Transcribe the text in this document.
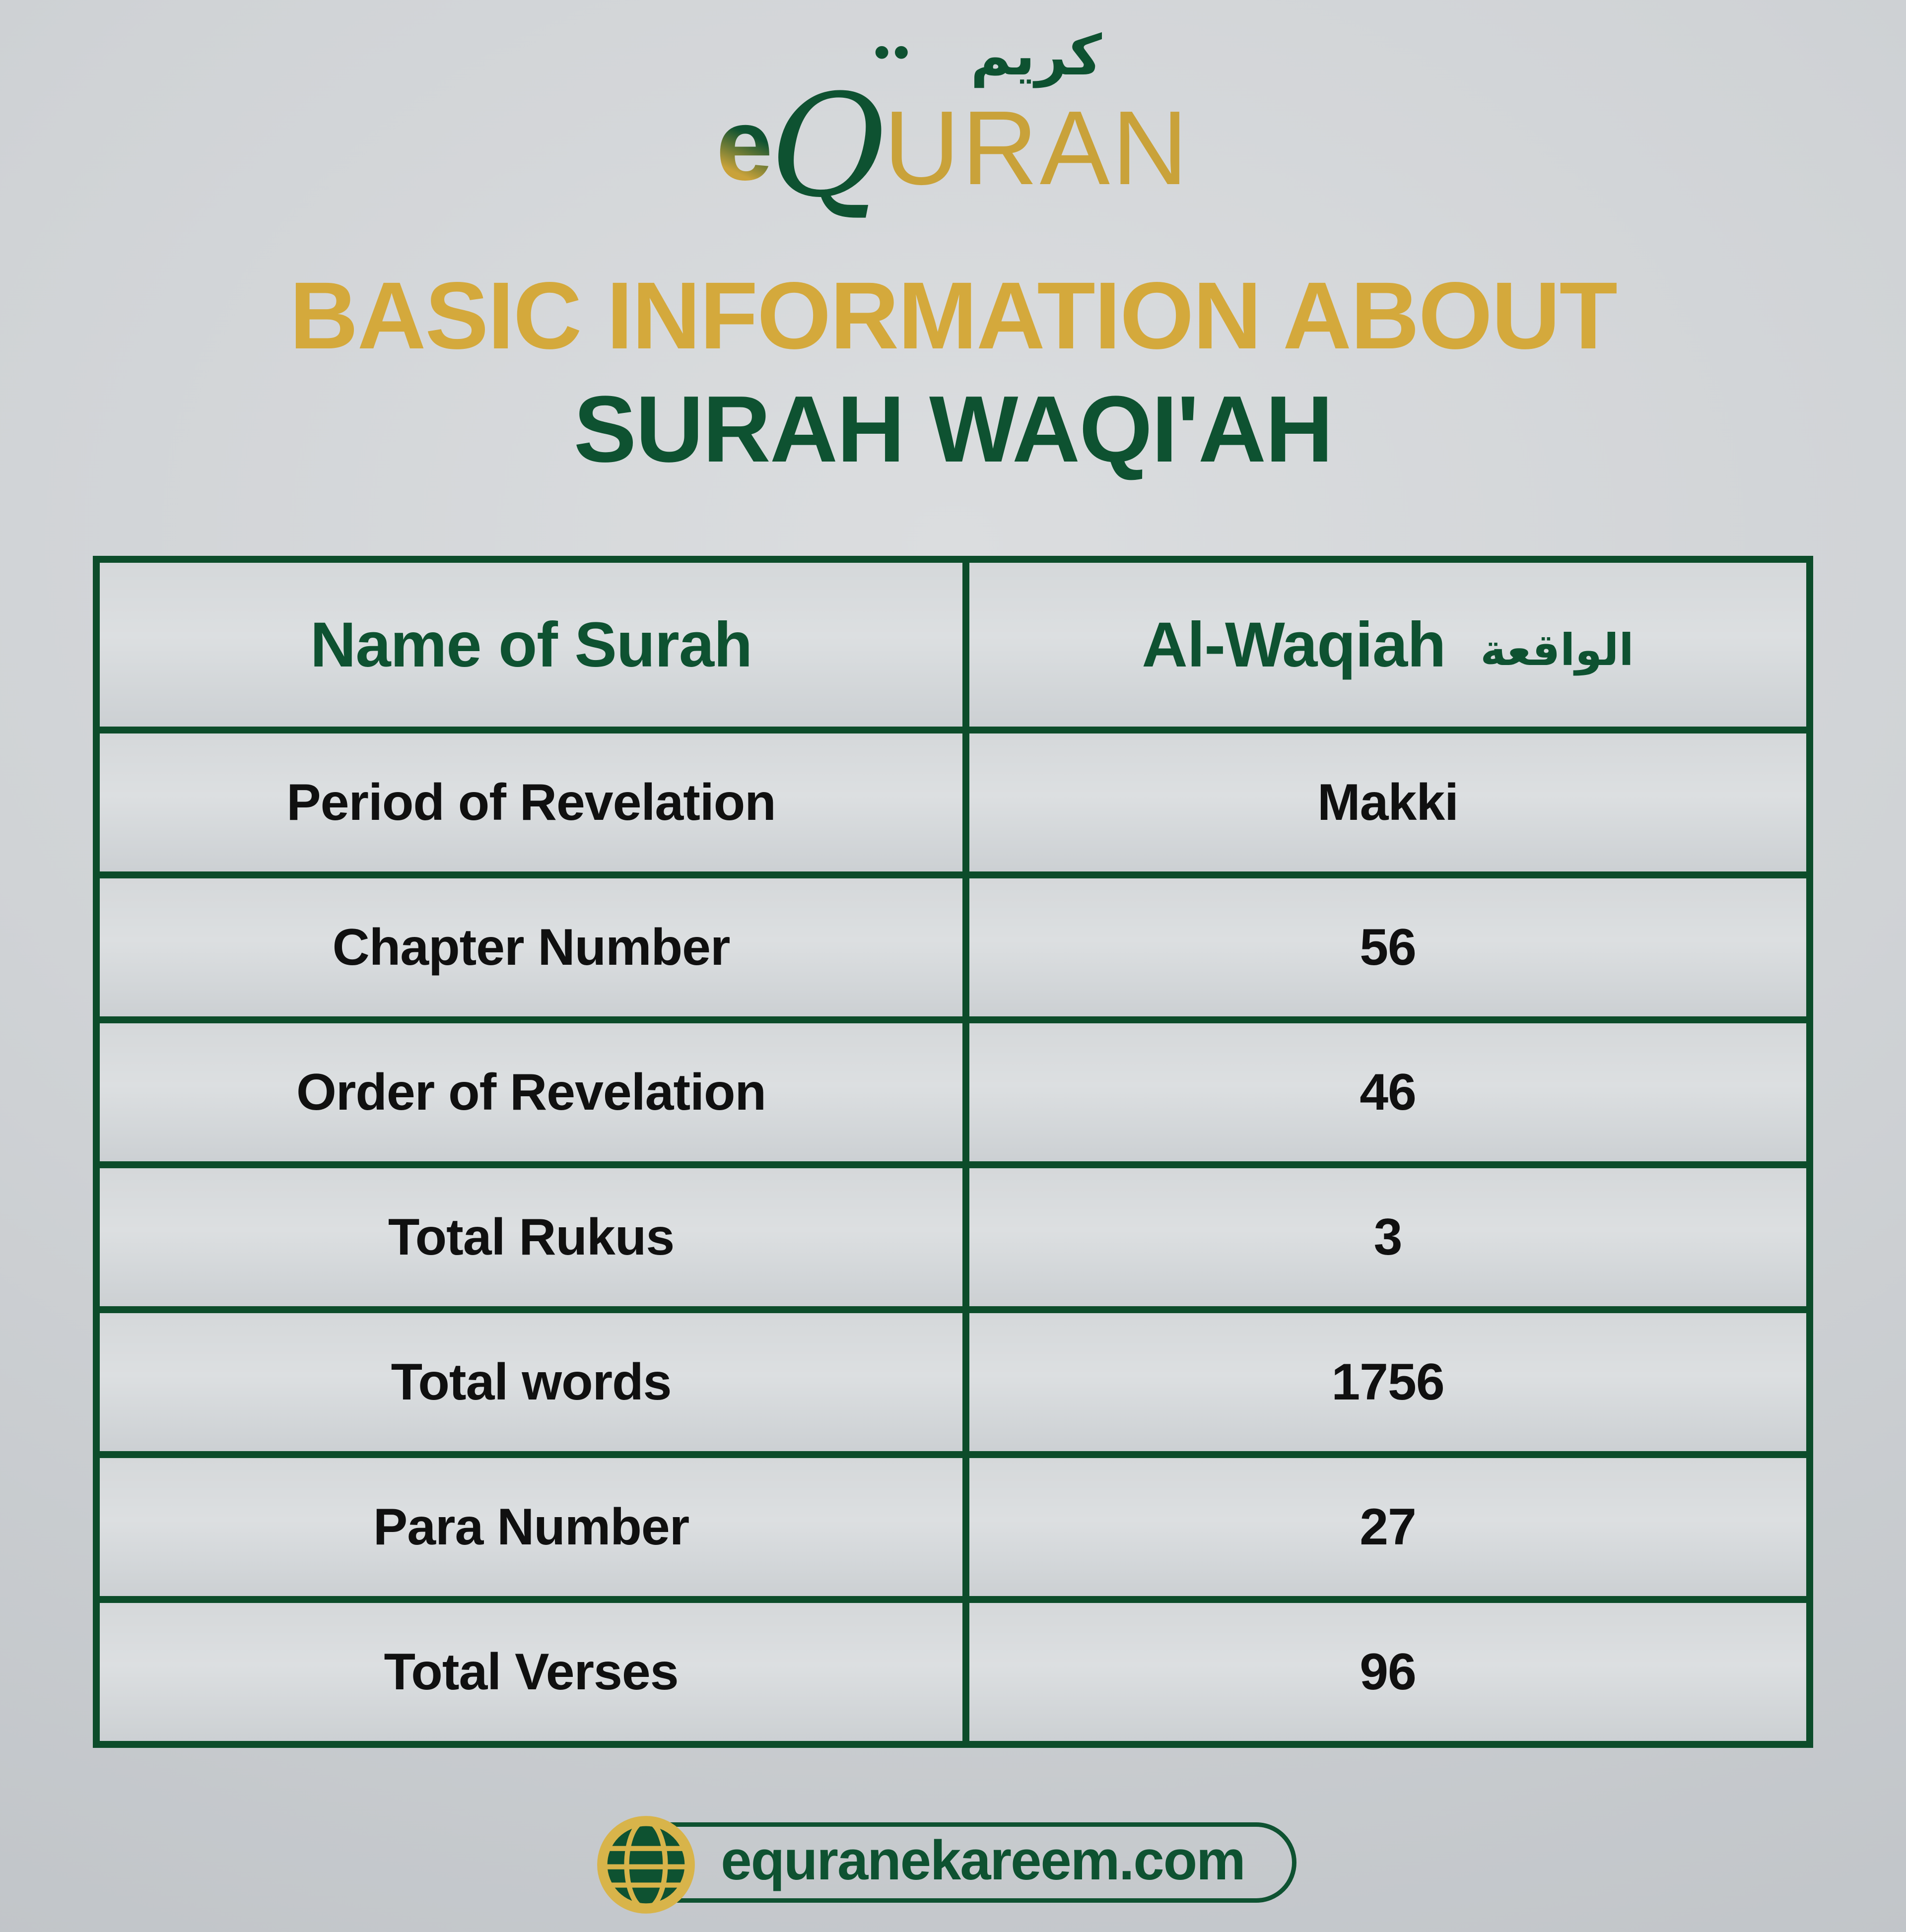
e
Q
••
URAN
كريم
BASIC INFORMATION ABOUT
SURAH WAQI'AH
Name of Surah	Al-Waqiah الواقعة
Period of Revelation	Makki
Chapter Number	56
Order of Revelation	46
Total Rukus	3
Total words	1756
Para Number	27
Total Verses	96
equranekareem.com
